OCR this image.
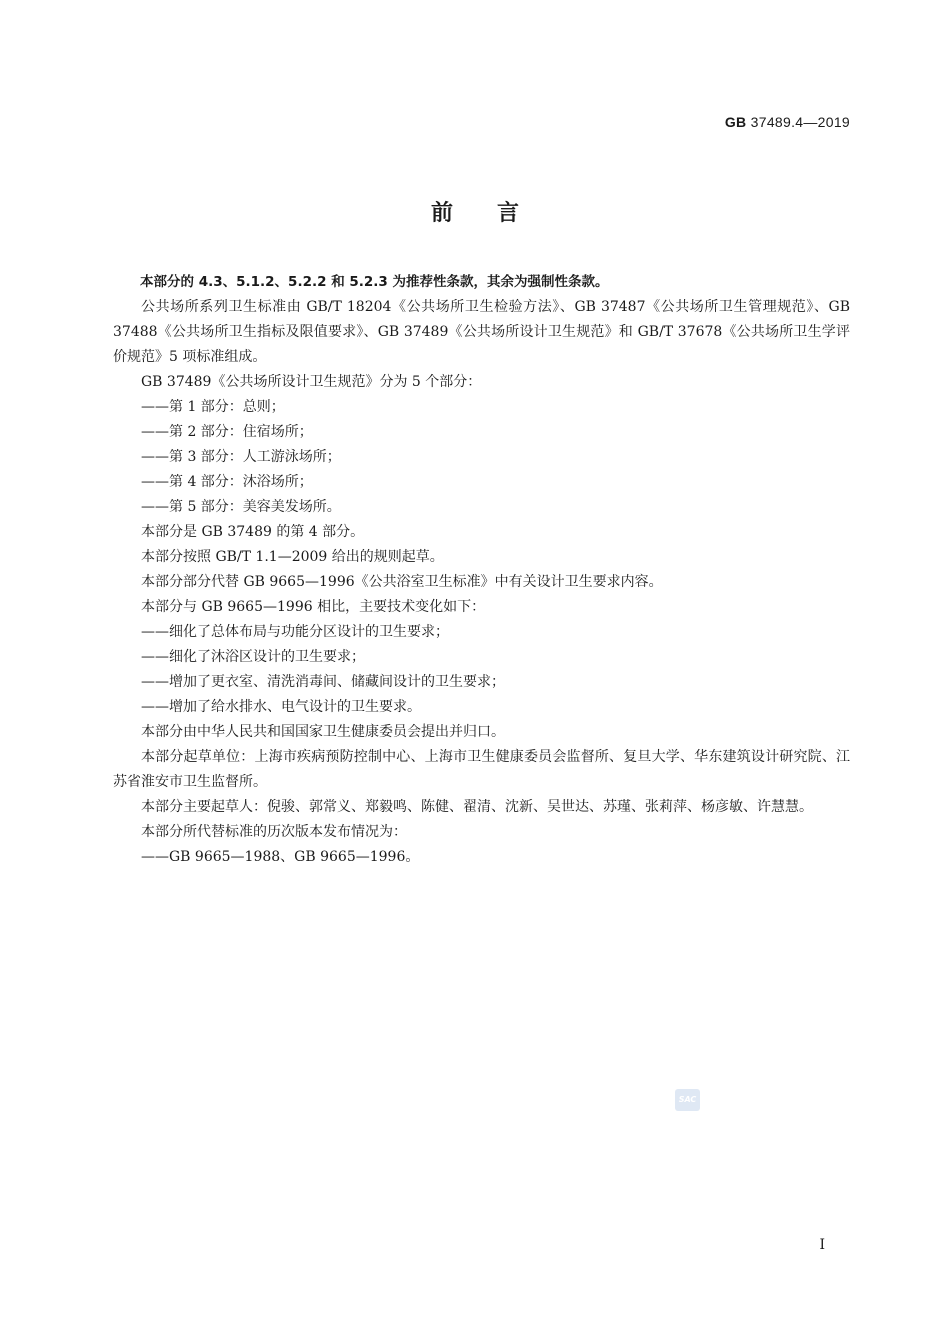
GB 37489.4—2019
前　　言

本部分的 4.3、5.1.2、5.2.2 和 5.2.3 为推荐性条款，其余为强制性条款。

公共场所系列卫生标准由 GB/T 18204《公共场所卫生检验方法》、GB 37487《公共场所卫生管理规范》、GB 37488《公共场所卫生指标及限值要求》、GB 37489《公共场所设计卫生规范》和 GB/T 37678《公共场所卫生学评价规范》5 项标准组成。

GB 37489《公共场所设计卫生规范》分为 5 个部分：

——第 1 部分：总则；

——第 2 部分：住宿场所；

——第 3 部分：人工游泳场所；

——第 4 部分：沐浴场所；

——第 5 部分：美容美发场所。

本部分是 GB 37489 的第 4 部分。

本部分按照 GB/T 1.1—2009 给出的规则起草。

本部分部分代替 GB 9665—1996《公共浴室卫生标准》中有关设计卫生要求内容。

本部分与 GB 9665—1996 相比，主要技术变化如下：

——细化了总体布局与功能分区设计的卫生要求；

——细化了沐浴区设计的卫生要求；

——增加了更衣室、清洗消毒间、储藏间设计的卫生要求；

——增加了给水排水、电气设计的卫生要求。

本部分由中华人民共和国国家卫生健康委员会提出并归口。

本部分起草单位：上海市疾病预防控制中心、上海市卫生健康委员会监督所、复旦大学、华东建筑设计研究院、江苏省淮安市卫生监督所。

本部分主要起草人：倪骏、郭常义、郑毅鸣、陈健、翟清、沈新、吴世达、苏瑾、张莉萍、杨彦敏、许慧慧。

本部分所代替标准的历次版本发布情况为：

——GB 9665—1988、GB 9665—1996。

SAC
I
